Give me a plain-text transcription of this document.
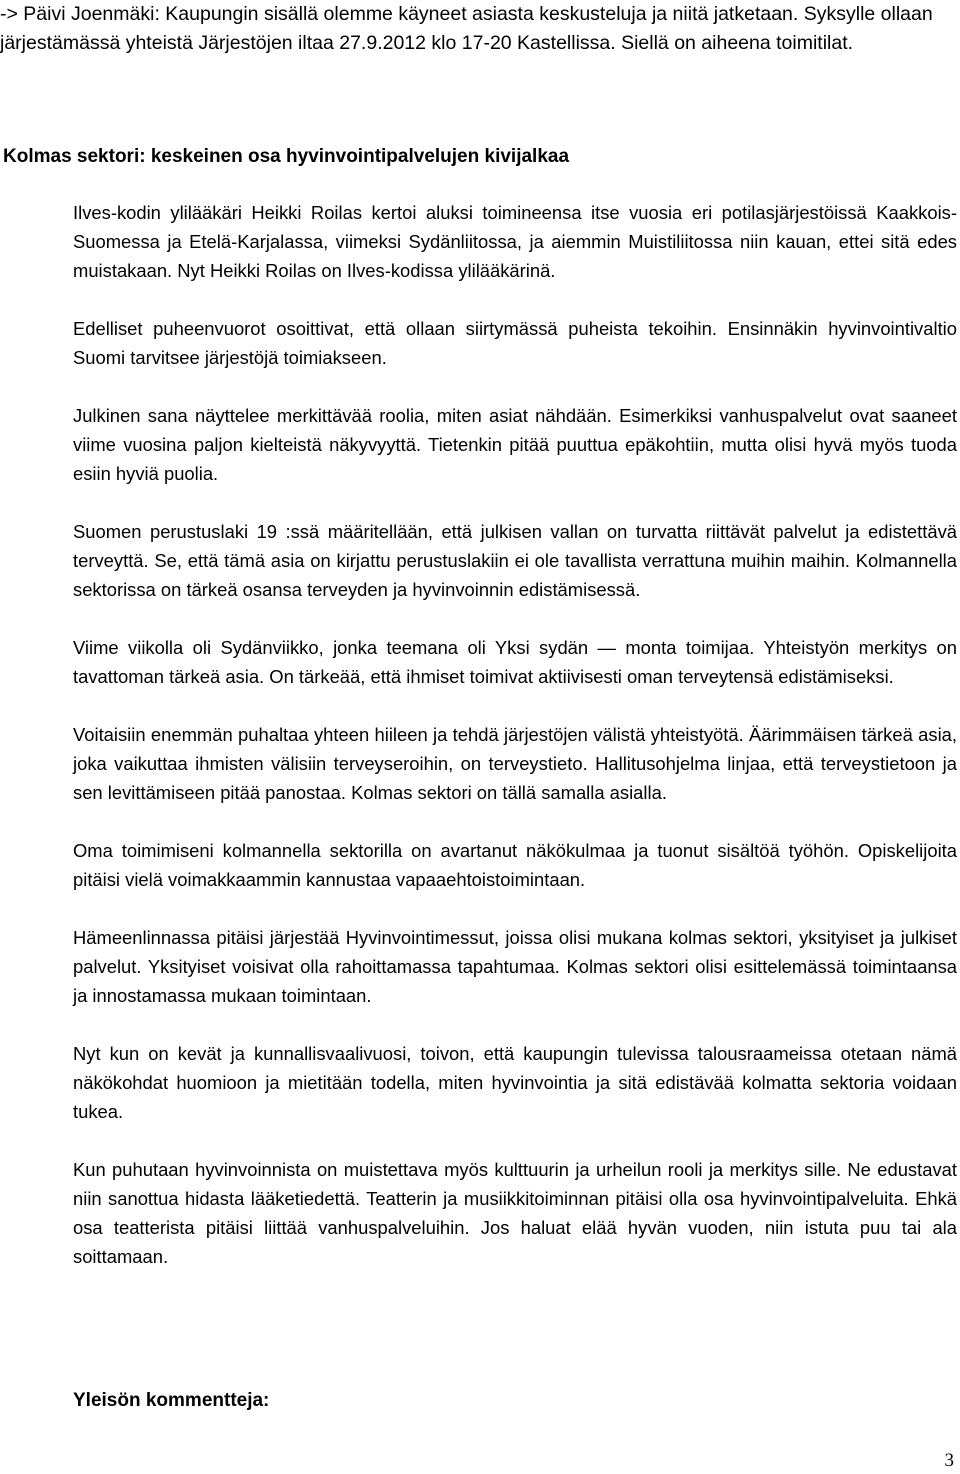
-> Päivi Joenmäki: Kaupungin sisällä olemme käyneet asiasta keskusteluja ja niitä jatketaan. Syksylle ollaan järjestämässä yhteistä Järjestöjen iltaa 27.9.2012 klo 17-20 Kastellissa. Siellä on aiheena toimitilat.
Kolmas sektori: keskeinen osa hyvinvointipalvelujen kivijalkaa

Ilves-kodin ylilääkäri Heikki Roilas kertoi aluksi toimineensa itse vuosia eri potilasjärjestöissä Kaakkois-Suomessa ja Etelä-Karjalassa, viimeksi Sydänliitossa, ja aiemmin Muistiliitossa niin kauan, ettei sitä edes muistakaan. Nyt Heikki Roilas on Ilves-kodissa ylilääkärinä.

Edelliset puheenvuorot osoittivat, että ollaan siirtymässä puheista tekoihin. Ensinnäkin hyvinvointivaltio Suomi tarvitsee järjestöjä toimiakseen.

Julkinen sana näyttelee merkittävää roolia, miten asiat nähdään. Esimerkiksi vanhuspalvelut ovat saaneet viime vuosina paljon kielteistä näkyvyyttä. Tietenkin pitää puuttua epäkohtiin, mutta olisi hyvä myös tuoda esiin hyviä puolia.

Suomen perustuslaki 19 :ssä määritellään, että julkisen vallan on turvatta riittävät palvelut ja edistettävä terveyttä. Se, että tämä asia on kirjattu perustuslakiin ei ole tavallista verrattuna muihin maihin. Kolmannella sektorissa on tärkeä osansa terveyden ja hyvinvoinnin edistämisessä.

Viime viikolla oli Sydänviikko, jonka teemana oli Yksi sydän — monta toimijaa. Yhteistyön merkitys on tavattoman tärkeä asia. On tärkeää, että ihmiset toimivat aktiivisesti oman terveytensä edistämiseksi.

Voitaisiin enemmän puhaltaa yhteen hiileen ja tehdä järjestöjen välistä yhteistyötä. Äärimmäisen tärkeä asia, joka vaikuttaa ihmisten välisiin terveyseroihin, on terveystieto. Hallitusohjelma linjaa, että terveystietoon ja sen levittämiseen pitää panostaa. Kolmas sektori on tällä samalla asialla.

Oma toimimiseni kolmannella sektorilla on avartanut näkökulmaa ja tuonut sisältöä työhön. Opiskelijoita pitäisi vielä voimakkaammin kannustaa vapaaehtoistoimintaan.

Hämeenlinnassa pitäisi järjestää Hyvinvointimessut, joissa olisi mukana kolmas sektori, yksityiset ja julkiset palvelut. Yksityiset voisivat olla rahoittamassa tapahtumaa. Kolmas sektori olisi esittelemässä toimintaansa ja innostamassa mukaan toimintaan.

Nyt kun on kevät ja kunnallisvaalivuosi, toivon, että kaupungin tulevissa talousraameissa otetaan nämä näkökohdat huomioon ja mietitään todella, miten hyvinvointia ja sitä edistävää kolmatta sektoria voidaan tukea.

Kun puhutaan hyvinvoinnista on muistettava myös kulttuurin ja urheilun rooli ja merkitys sille. Ne edustavat niin sanottua hidasta lääketiedettä. Teatterin ja musiikkitoiminnan pitäisi olla osa hyvinvointipalveluita. Ehkä osa teatterista pitäisi liittää vanhuspalveluihin. Jos haluat elää hyvän vuoden, niin istuta puu tai ala soittamaan.

Yleisön kommentteja:
3
